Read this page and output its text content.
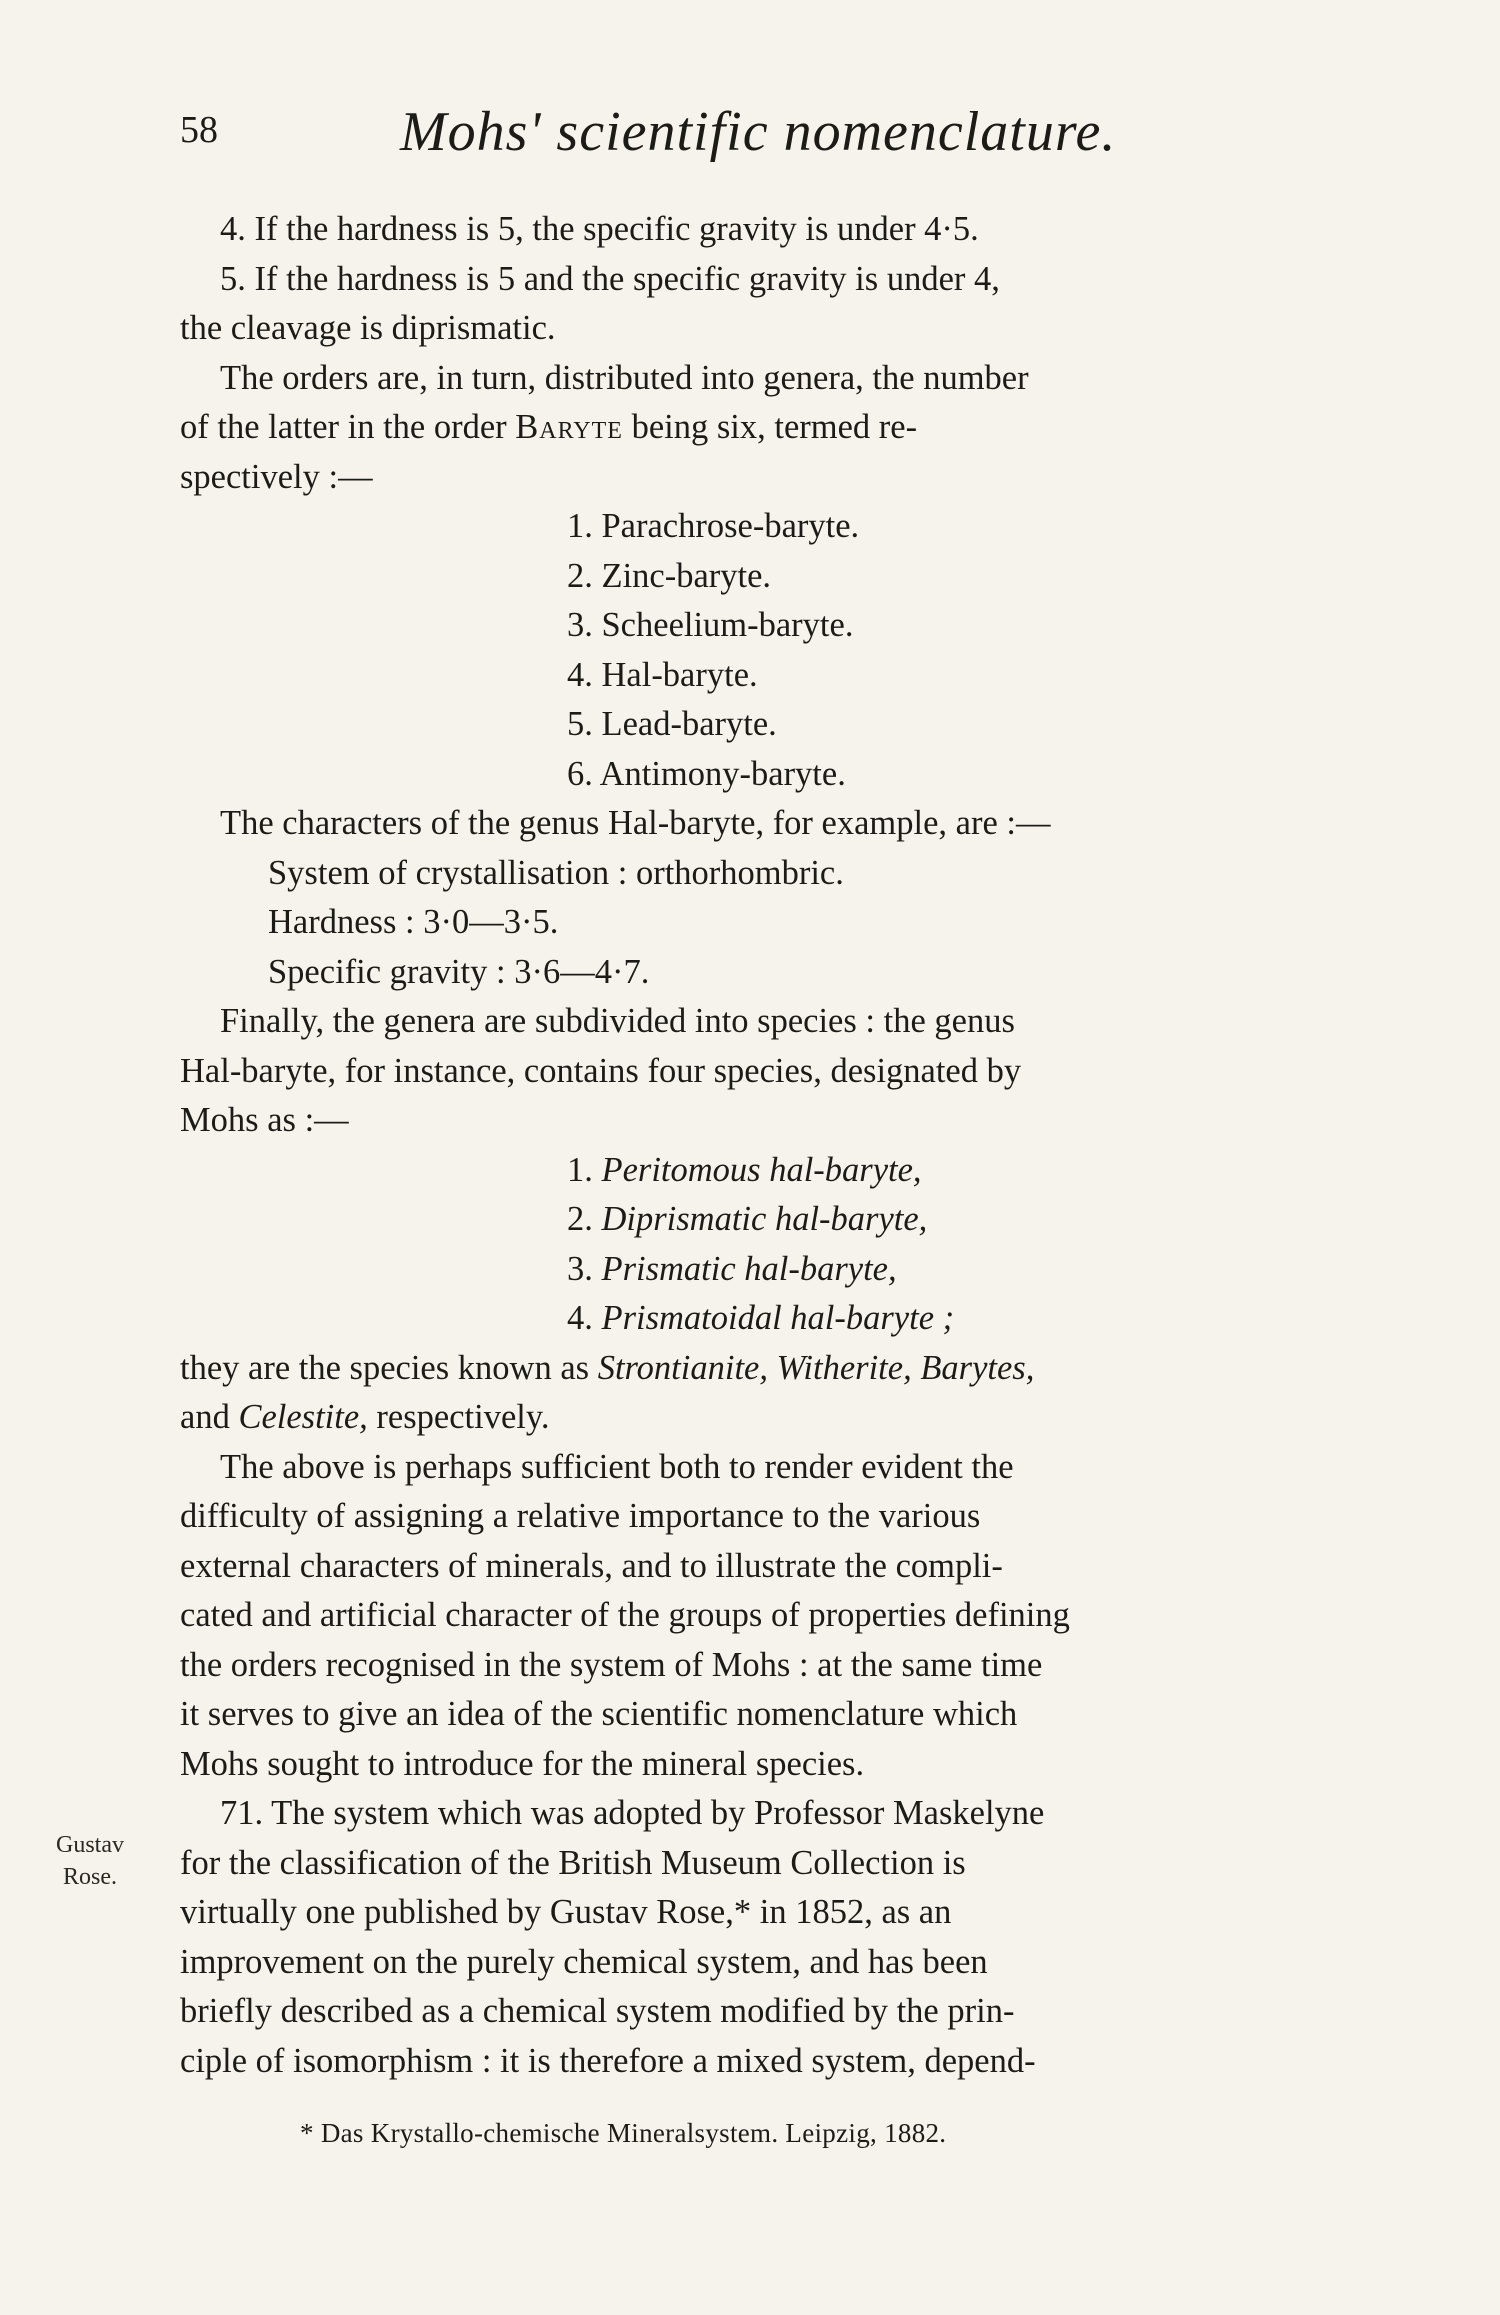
58	Mohs' scientific nomenclature.
4. If the hardness is 5, the specific gravity is under 4·5.
5. If the hardness is 5 and the specific gravity is under 4,
the cleavage is diprismatic.
The orders are, in turn, distributed into genera, the number
of the latter in the order Baryte being six, termed re-
spectively :—
1. Parachrose-baryte.
2. Zinc-baryte.
3. Scheelium-baryte.
4. Hal-baryte.
5. Lead-baryte.
6. Antimony-baryte.
The characters of the genus Hal-baryte, for example, are :—
System of crystallisation : orthorhombric.
Hardness : 3·0—3·5.
Specific gravity : 3·6—4·7.
Finally, the genera are subdivided into species : the genus
Hal-baryte, for instance, contains four species, designated by
Mohs as :—
1. Peritomous hal-baryte,
2. Diprismatic hal-baryte,
3. Prismatic hal-baryte,
4. Prismatoidal hal-baryte ;
they are the species known as Strontianite, Witherite, Barytes,
and Celestite, respectively.
The above is perhaps sufficient both to render evident the
difficulty of assigning a relative importance to the various
external characters of minerals, and to illustrate the compli-
cated and artificial character of the groups of properties defining
the orders recognised in the system of Mohs : at the same time
it serves to give an idea of the scientific nomenclature which
Mohs sought to introduce for the mineral species.
71. The system which was adopted by Professor Maskelyne
for the classification of the British Museum Collection is
virtually one published by Gustav Rose,* in 1852, as an
improvement on the purely chemical system, and has been
briefly described as a chemical system modified by the prin-
ciple of isomorphism : it is therefore a mixed system, depend-
Gustav
Rose.
* Das Krystallo-chemische Mineralsystem. Leipzig, 1882.
